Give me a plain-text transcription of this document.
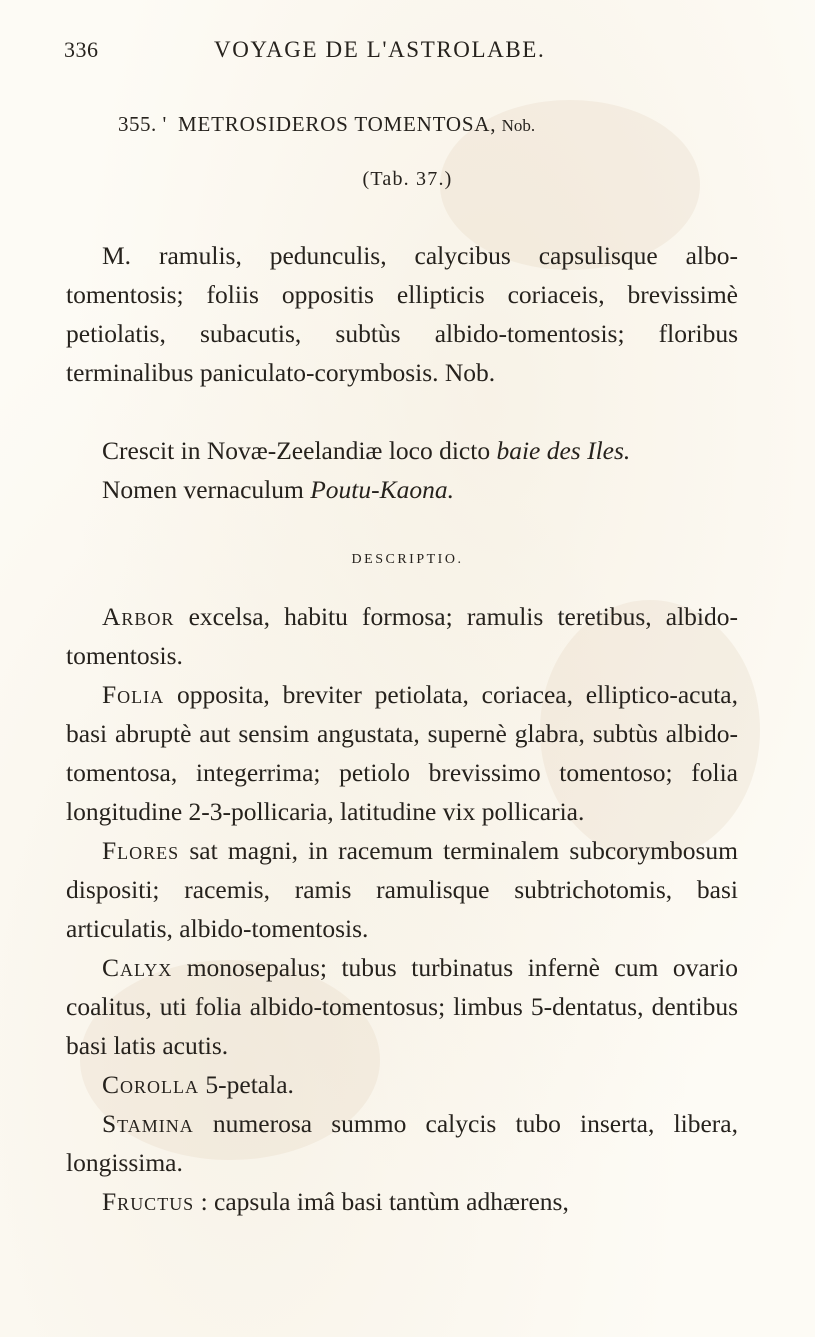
336	VOYAGE DE L'ASTROLABE.
355. ' METROSIDEROS TOMENTOSA, Nob.
(Tab. 37.)

M. ramulis, pedunculis, calycibus capsulisque albo-tomentosis; foliis oppositis ellipticis coriaceis, brevissimè petiolatis, subacutis, subtùs albido-tomentosis; floribus terminalibus paniculato-corymbosis. Nob.

Crescit in Novæ-Zeelandiæ loco dicto baie des Iles.

Nomen vernaculum Poutu-Kaona.

DESCRIPTIO.

Arbor excelsa, habitu formosa; ramulis teretibus, albido-tomentosis.

Folia opposita, breviter petiolata, coriacea, elliptico-acuta, basi abruptè aut sensim angustata, supernè glabra, subtùs albido-tomentosa, integerrima; petiolo brevissimo tomentoso; folia longitudine 2-3-pollicaria, latitudine vix pollicaria.

Flores sat magni, in racemum terminalem subcorymbosum dispositi; racemis, ramis ramulisque subtrichotomis, basi articulatis, albido-tomentosis.

Calyx monosepalus; tubus turbinatus infernè cum ovario coalitus, uti folia albido-tomentosus; limbus 5-dentatus, dentibus basi latis acutis.

Corolla 5-petala.

Stamina numerosa summo calycis tubo inserta, libera, longissima.

Fructus : capsula imâ basi tantùm adhærens,
